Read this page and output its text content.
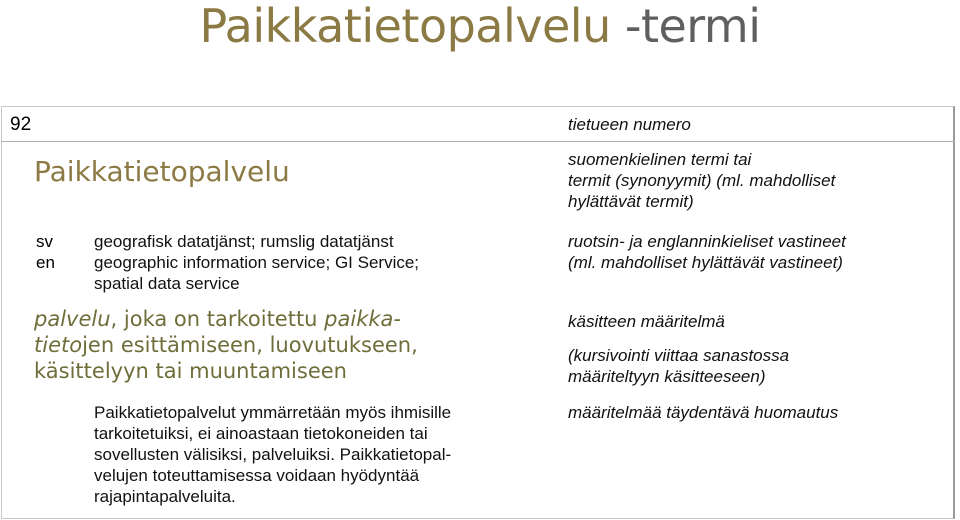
Paikkatietopalvelu -termi
92	tietueen numero
Paikkatietopalvelu	suomenkielinen termi tai
termit (synonyymit) (ml. mahdolliset
hylättävät termit)
sv
en
geografisk datatjänst; rumslig datatjänst
geographic information service; GI Service;
spatial data service
ruotsin- ja englanninkieliset vastineet
(ml. mahdolliset hylättävät vastineet)
palvelu, joka on tarkoitettu paikka-
tietojen esittämiseen, luovutukseen,
käsittelyyn tai muuntamiseen
käsitteen määritelmä
(kursivointi viittaa sanastossa
määriteltyyn käsitteeseen)
Paikkatietopalvelut ymmärretään myös ihmisille
tarkoitetuiksi, ei ainoastaan tietokoneiden tai
sovellusten välisiksi, palveluiksi. Paikkatietopal-
velujen toteuttamisessa voidaan hyödyntää
rajapintapalveluita.
määritelmää täydentävä huomautus
